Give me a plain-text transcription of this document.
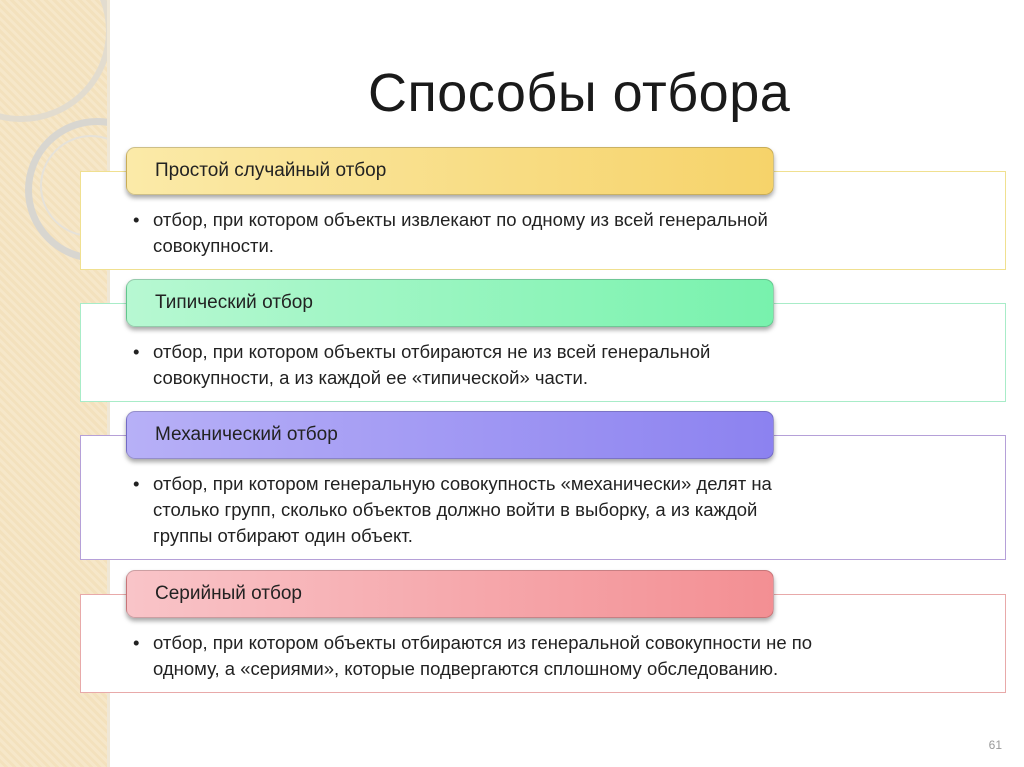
Способы отбора
Простой случайный отбор
• отбор, при котором объекты извлекают по одному из всей генеральной
совокупности.
Типический отбор
• отбор, при котором объекты отбираются не из всей генеральной
совокупности, а из каждой ее «типической» части.
Механический отбор
• отбор, при котором генеральную совокупность «механически» делят на
столько групп, сколько объектов должно войти в выборку, а из каждой
группы отбирают один объект.
Серийный отбор
• отбор, при котором объекты отбираются из генеральной совокупности не по
одному, а «сериями», которые подвергаются сплошному обследованию.
61
